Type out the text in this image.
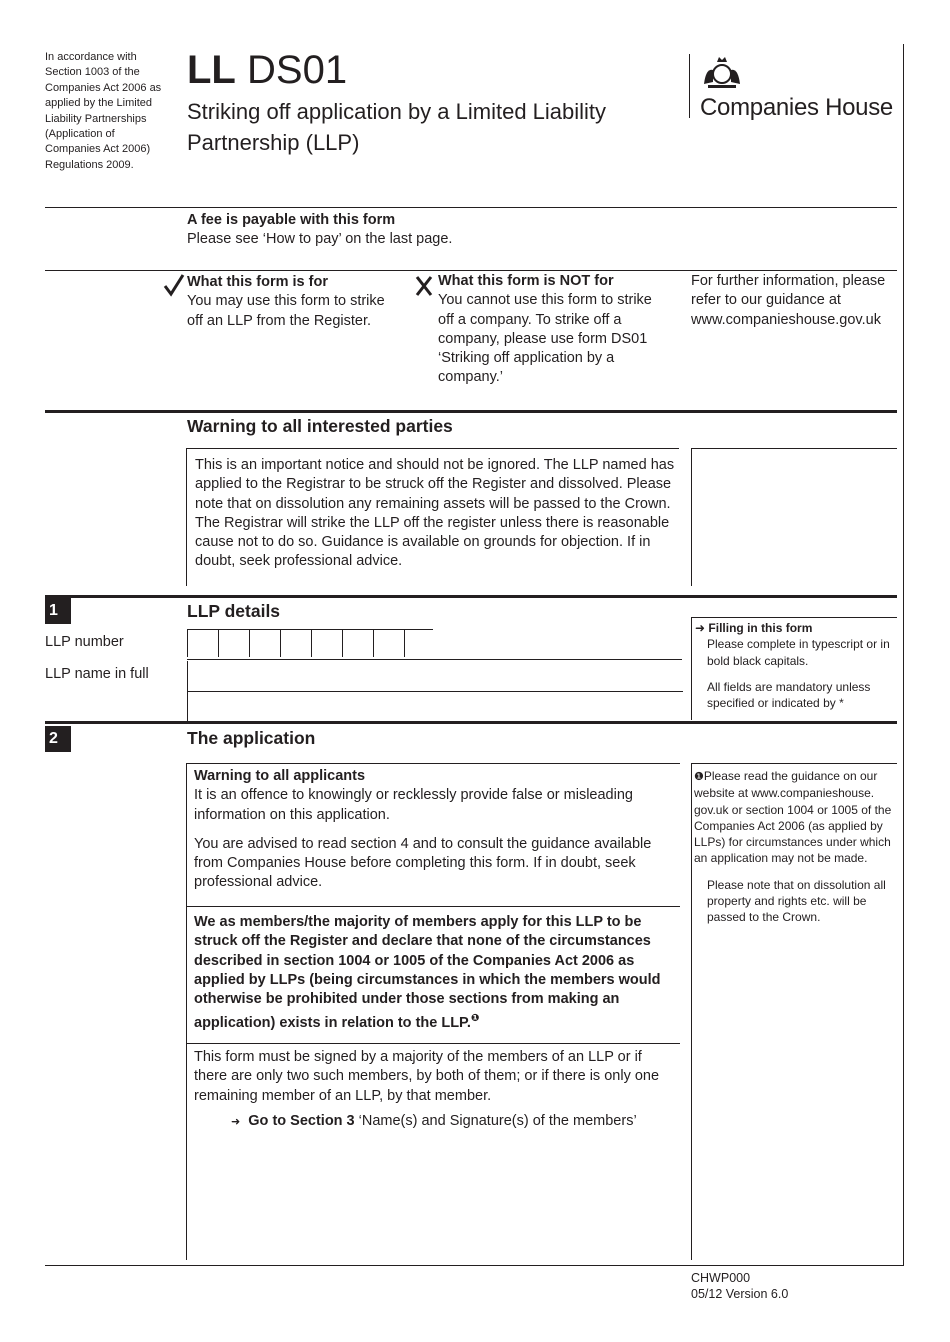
In accordance with Section 1003 of the Companies Act 2006 as applied by the Limited Liability Partnerships (Application of Companies Act 2006) Regulations 2009.
LL DS01
Striking off application by a Limited Liability Partnership (LLP)
Companies House

A fee is payable with this form

Please see ‘How to pay’ on the last page.

What this form is for

You may use this form to strike off an LLP from the Register.

What this form is NOT for

You cannot use this form to strike off a company. To strike off a company, please use form DS01 ‘Striking off application by a company.’

For further information, please refer to our guidance at www.companieshouse.gov.uk
Warning to all interested parties
This is an important notice and should not be ignored. The LLP named has applied to the Registrar to be struck off the Register and dissolved. Please note that on dissolution any remaining assets will be passed to the Crown. The Registrar will strike the LLP off the register unless there is reasonable cause not to do so. Guidance is available on grounds for objection. If in doubt, seek professional advice.
1	LLP details
LLP number
LLP name in full

➜ Filling in this form

Please complete in typescript or in bold black capitals.

All fields are mandatory unless specified or indicated by *

2	The application

Warning to all applicants

It is an offence to knowingly or recklessly provide false or misleading information on this application.

You are advised to read section 4 and to consult the guidance available from Companies House before completing this form. If in doubt, seek professional advice.

We as members/the majority of members apply for this LLP to be struck off the Register and declare that none of the circumstances described in section 1004 or 1005 of the Companies Act 2006 as applied by LLPs (being circumstances in which the members would otherwise be prohibited under those sections from making an application) exists in relation to the LLP.$^❶$
This form must be signed by a majority of the members of an LLP or if there are only two such members, by both of them; or if there is only one remaining member of an LLP, by that member.
➜ Go to Section 3 ‘Name(s) and Signature(s) of the members’

❶Please read the guidance on our website at www.companieshouse. gov.uk or section 1004 or 1005 of the Companies Act 2006 (as applied by LLPs) for circumstances under which an application may not be made.

Please note that on dissolution all property and rights etc. will be passed to the Crown.

CHWP000

05/12 Version 6.0
